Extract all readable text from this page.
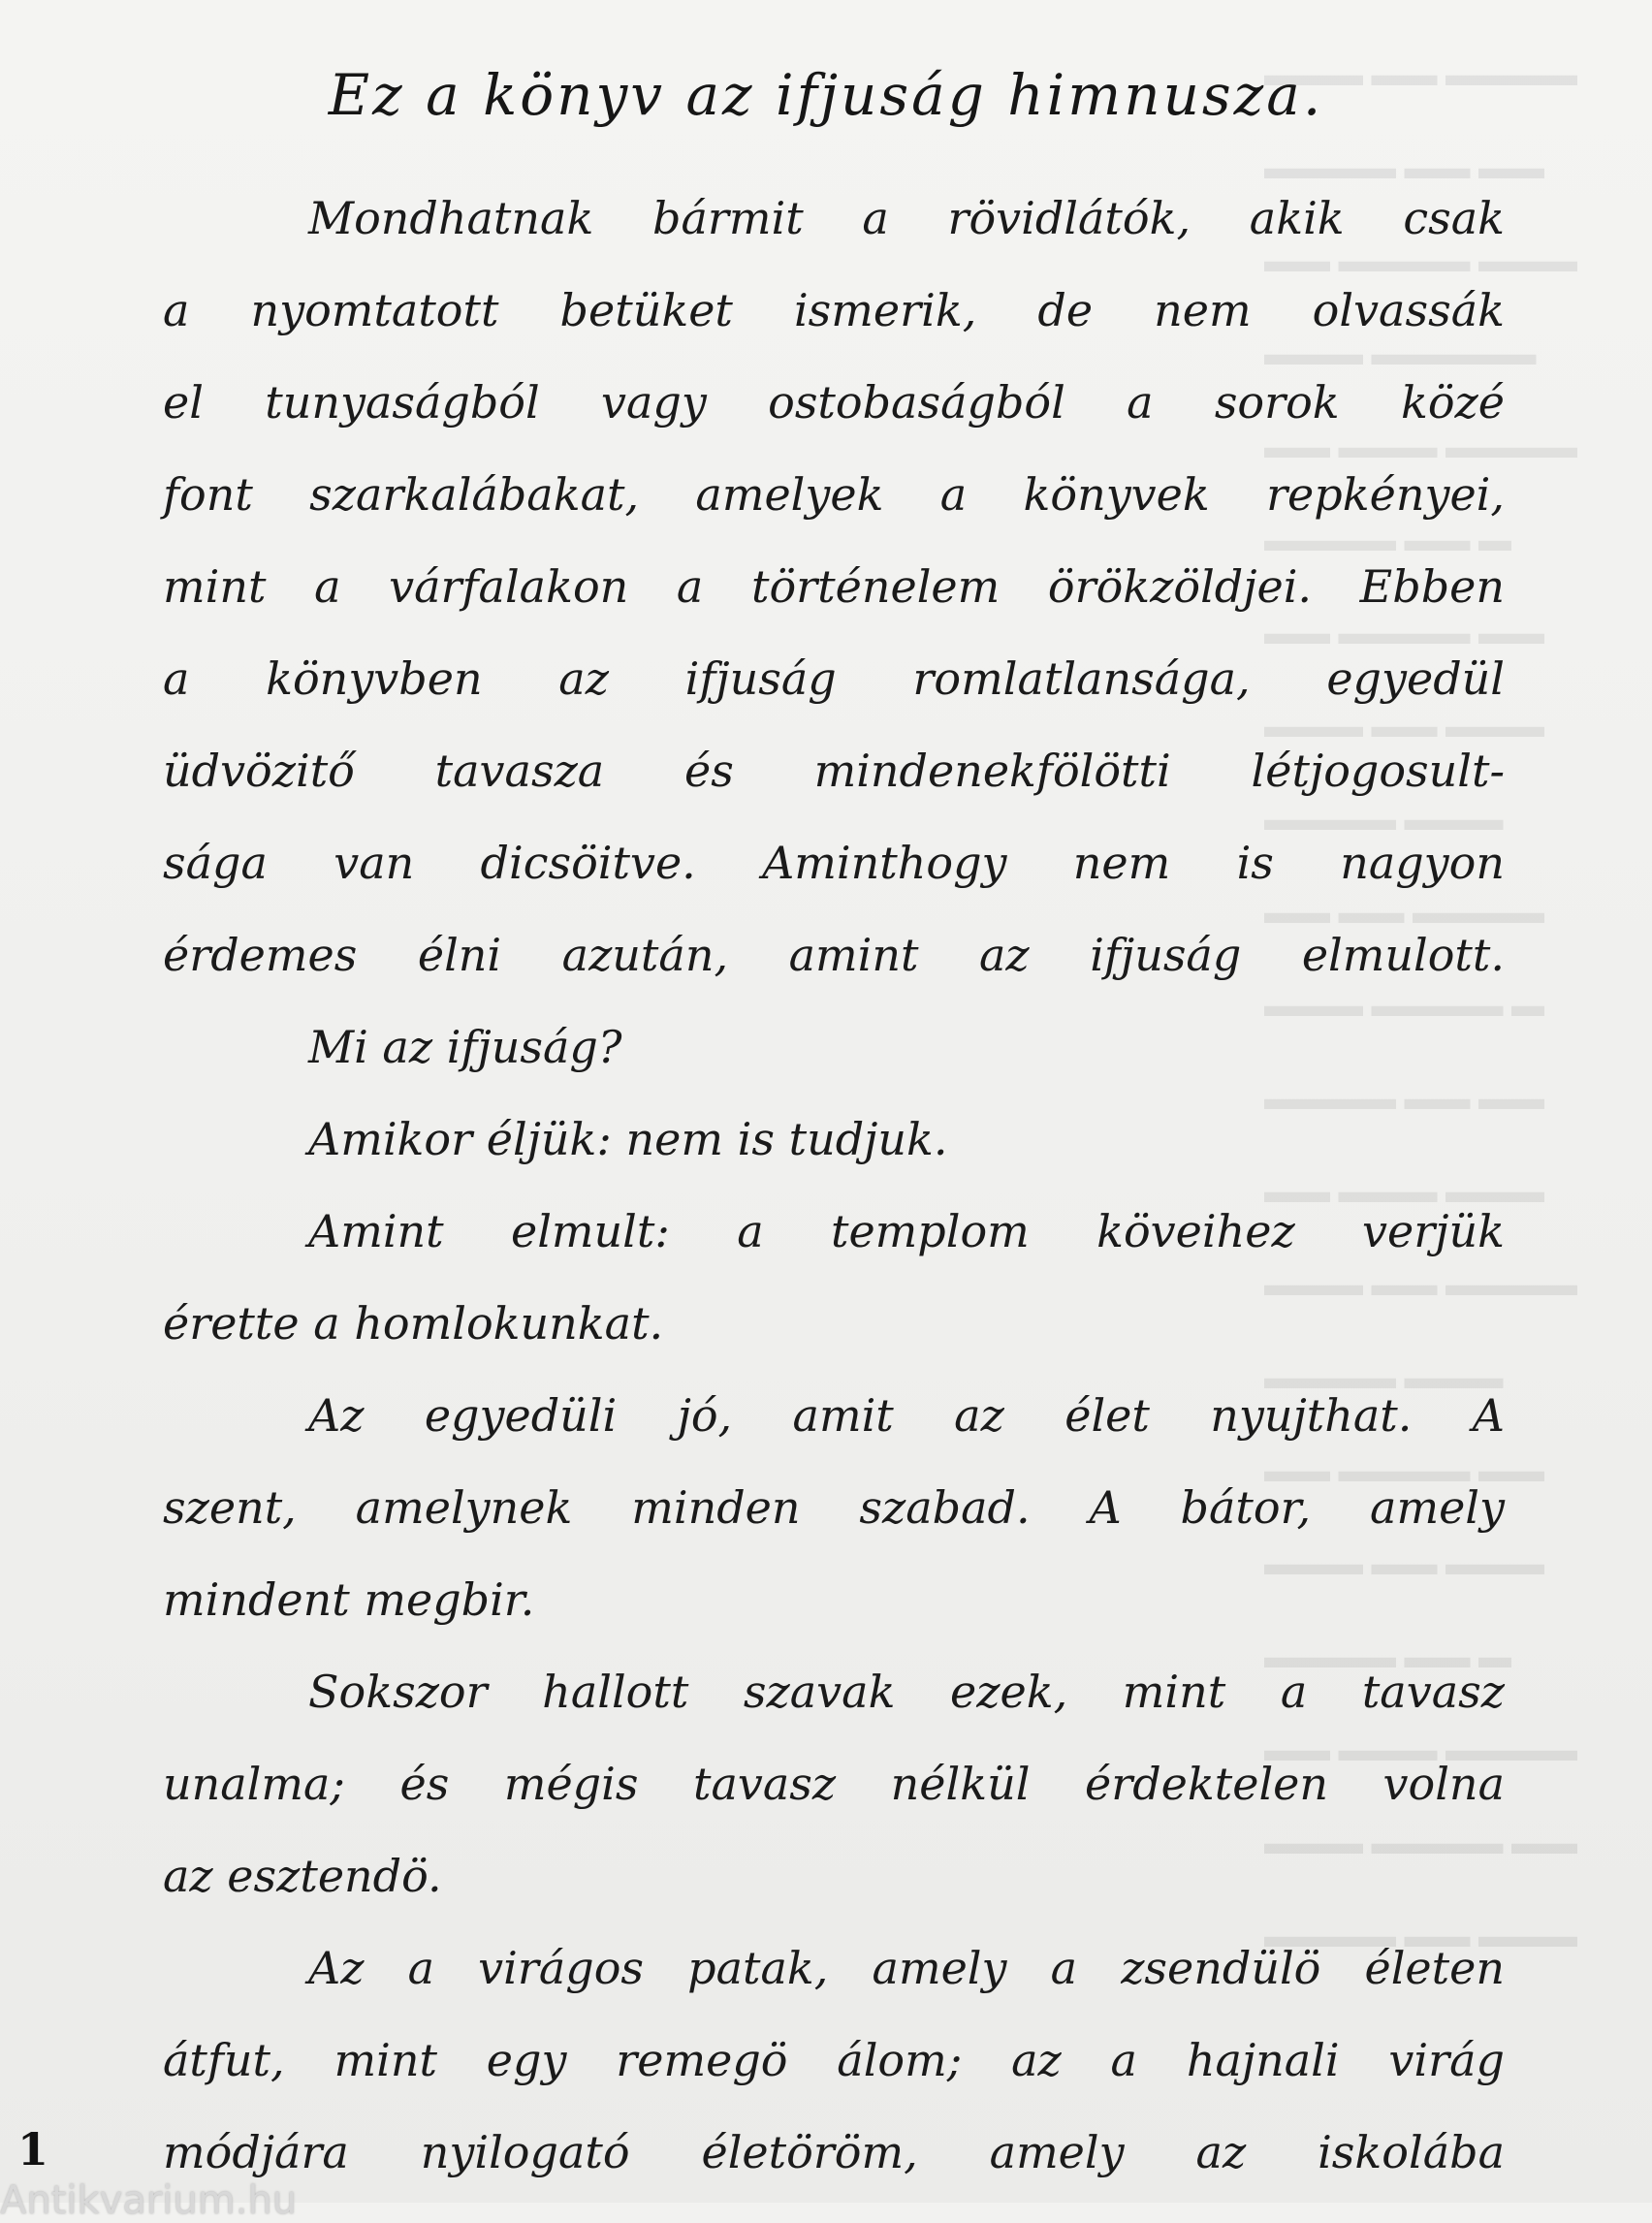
▬▬▬ ▬▬ ▬▬▬▬
▬▬▬▬ ▬▬ ▬▬
▬▬ ▬▬▬▬ ▬▬▬
▬▬▬ ▬▬▬▬▬
▬▬ ▬▬▬ ▬▬▬▬
▬▬▬▬ ▬▬ ▬
▬▬ ▬▬▬▬ ▬▬
▬▬▬ ▬▬ ▬▬▬
▬▬▬▬ ▬▬▬
▬▬ ▬▬ ▬▬▬▬
▬▬▬ ▬▬▬▬ ▬
▬▬▬▬ ▬▬ ▬▬
▬▬ ▬▬▬ ▬▬▬
▬▬▬ ▬▬ ▬▬▬▬
▬▬▬▬ ▬▬▬
▬▬ ▬▬▬▬ ▬▬
▬▬▬ ▬▬ ▬▬▬
▬▬▬▬ ▬▬ ▬
▬▬ ▬▬▬ ▬▬▬▬
▬▬▬ ▬▬▬▬ ▬▬
▬▬▬▬ ▬▬ ▬▬▬
Ez a könyv az ifjuság himnusza.
Mondhatnak bármit a rövidlátók, akik csak
a nyomtatott betüket ismerik, de nem olvassák
el tunyaságból vagy ostobaságból a sorok közé
font szarkalábakat, amelyek a könyvek repkényei,
mint a várfalakon a történelem örökzöldjei. Ebben
a könyvben az ifjuság romlatlansága, egyedül
üdvözitő tavasza és mindenekfölötti létjogosult-
sága van dicsöitve. Aminthogy nem is nagyon
érdemes élni azután, amint az ifjuság elmulott.
Mi az ifjuság?
Amikor éljük: nem is tudjuk.
Amint elmult: a templom köveihez verjük
érette a homlokunkat.
Az egyedüli jó, amit az élet nyujthat. A
szent, amelynek minden szabad. A bátor, amely
mindent megbir.
Sokszor hallott szavak ezek, mint a tavasz
unalma; és mégis tavasz nélkül érdektelen volna
az esztendö.
Az a virágos patak, amely a zsendülö életen
átfut, mint egy remegö álom; az a hajnali virág
módjára nyilogató életöröm, amely az iskolába
1
Antikvarium.hu
